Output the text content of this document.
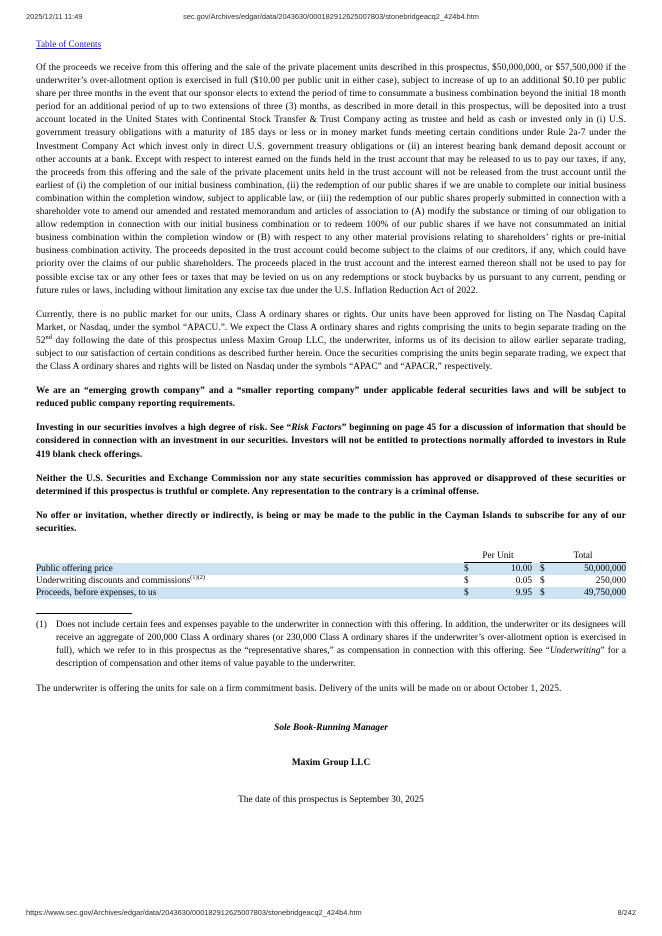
2025/12/11 11:49	sec.gov/Archives/edgar/data/2043630/000182912625007803/stonebridgeacq2_424b4.htm
Table of Contents

Of the proceeds we receive from this offering and the sale of the private placement units described in this prospectus, $50,000,000, or $57,500,000 if the underwriter’s over-allotment option is exercised in full ($10.00 per public unit in either case), subject to increase of up to an additional $0.10 per public share per three months in the event that our sponsor elects to extend the period of time to consummate a business combination beyond the initial 18 month period for an additional period of up to two extensions of three (3) months, as described in more detail in this prospectus, will be deposited into a trust account located in the United States with Continental Stock Transfer & Trust Company acting as trustee and held as cash or invested only in (i) U.S. government treasury obligations with a maturity of 185 days or less or in money market funds meeting certain conditions under Rule 2a-7 under the Investment Company Act which invest only in direct U.S. government treasury obligations or (ii) an interest bearing bank demand deposit account or other accounts at a bank. Except with respect to interest earned on the funds held in the trust account that may be released to us to pay our taxes, if any, the proceeds from this offering and the sale of the private placement units held in the trust account will not be released from the trust account until the earliest of (i) the completion of our initial business combination, (ii) the redemption of our public shares if we are unable to complete our initial business combination within the completion window, subject to applicable law, or (iii) the redemption of our public shares properly submitted in connection with a shareholder vote to amend our amended and restated memorandum and articles of association to (A) modify the substance or timing of our obligation to allow redemption in connection with our initial business combination or to redeem 100% of our public shares if we have not consummated an initial business combination within the completion window or (B) with respect to any other material provisions relating to shareholders’ rights or pre-initial business combination activity. The proceeds deposited in the trust account could become subject to the claims of our creditors, if any, which could have priority over the claims of our public shareholders. The proceeds placed in the trust account and the interest earned thereon shall not be used to pay for possible excise tax or any other fees or taxes that may be levied on us on any redemptions or stock buybacks by us pursuant to any current, pending or future rules or laws, including without limitation any excise tax due under the U.S. Inflation Reduction Act of 2022.

Currently, there is no public market for our units, Class A ordinary shares or rights. Our units have been approved for listing on The Nasdaq Capital Market, or Nasdaq, under the symbol “APACU.”. We expect the Class A ordinary shares and rights comprising the units to begin separate trading on the 52nd day following the date of this prospectus unless Maxim Group LLC, the underwriter, informs us of its decision to allow earlier separate trading, subject to our satisfaction of certain conditions as described further herein. Once the securities comprising the units begin separate trading, we expect that the Class A ordinary shares and rights will be listed on Nasdaq under the symbols “APAC” and “APACR,” respectively.

We are an “emerging growth company” and a “smaller reporting company” under applicable federal securities laws and will be subject to reduced public company reporting requirements.

Investing in our securities involves a high degree of risk. See “Risk Factors” beginning on page 45 for a discussion of information that should be considered in connection with an investment in our securities. Investors will not be entitled to protections normally afforded to investors in Rule 419 blank check offerings.

Neither the U.S. Securities and Exchange Commission nor any state securities commission has approved or disapproved of these securities or determined if this prospectus is truthful or complete. Any representation to the contrary is a criminal offense.

No offer or invitation, whether directly or indirectly, is being or may be made to the public in the Cayman Islands to subscribe for any of our securities.

	Per Unit			Total	
Public offering price	$	10.00		$	50,000,000
Underwriting discounts and commissions$^{(1)(2)}$	$	0.05		$	250,000
Proceeds, before expenses, to us	$	9.95		$	49,750,000
(1) Does not include certain fees and expenses payable to the underwriter in connection with this offering. In addition, the underwriter or its designees will receive an aggregate of 200,000 Class A ordinary shares (or 230,000 Class A ordinary shares if the underwriter’s over-allotment option is exercised in full), which we refer to in this prospectus as the “representative shares,” as compensation in connection with this offering. See “Underwriting” for a description of compensation and other items of value payable to the underwriter.

The underwriter is offering the units for sale on a firm commitment basis. Delivery of the units will be made on or about October 1, 2025.

Sole Book-Running Manager
Maxim Group LLC
The date of this prospectus is September 30, 2025
https://www.sec.gov/Archives/edgar/data/2043630/000182912625007803/stonebridgeacq2_424b4.htm	8/242
